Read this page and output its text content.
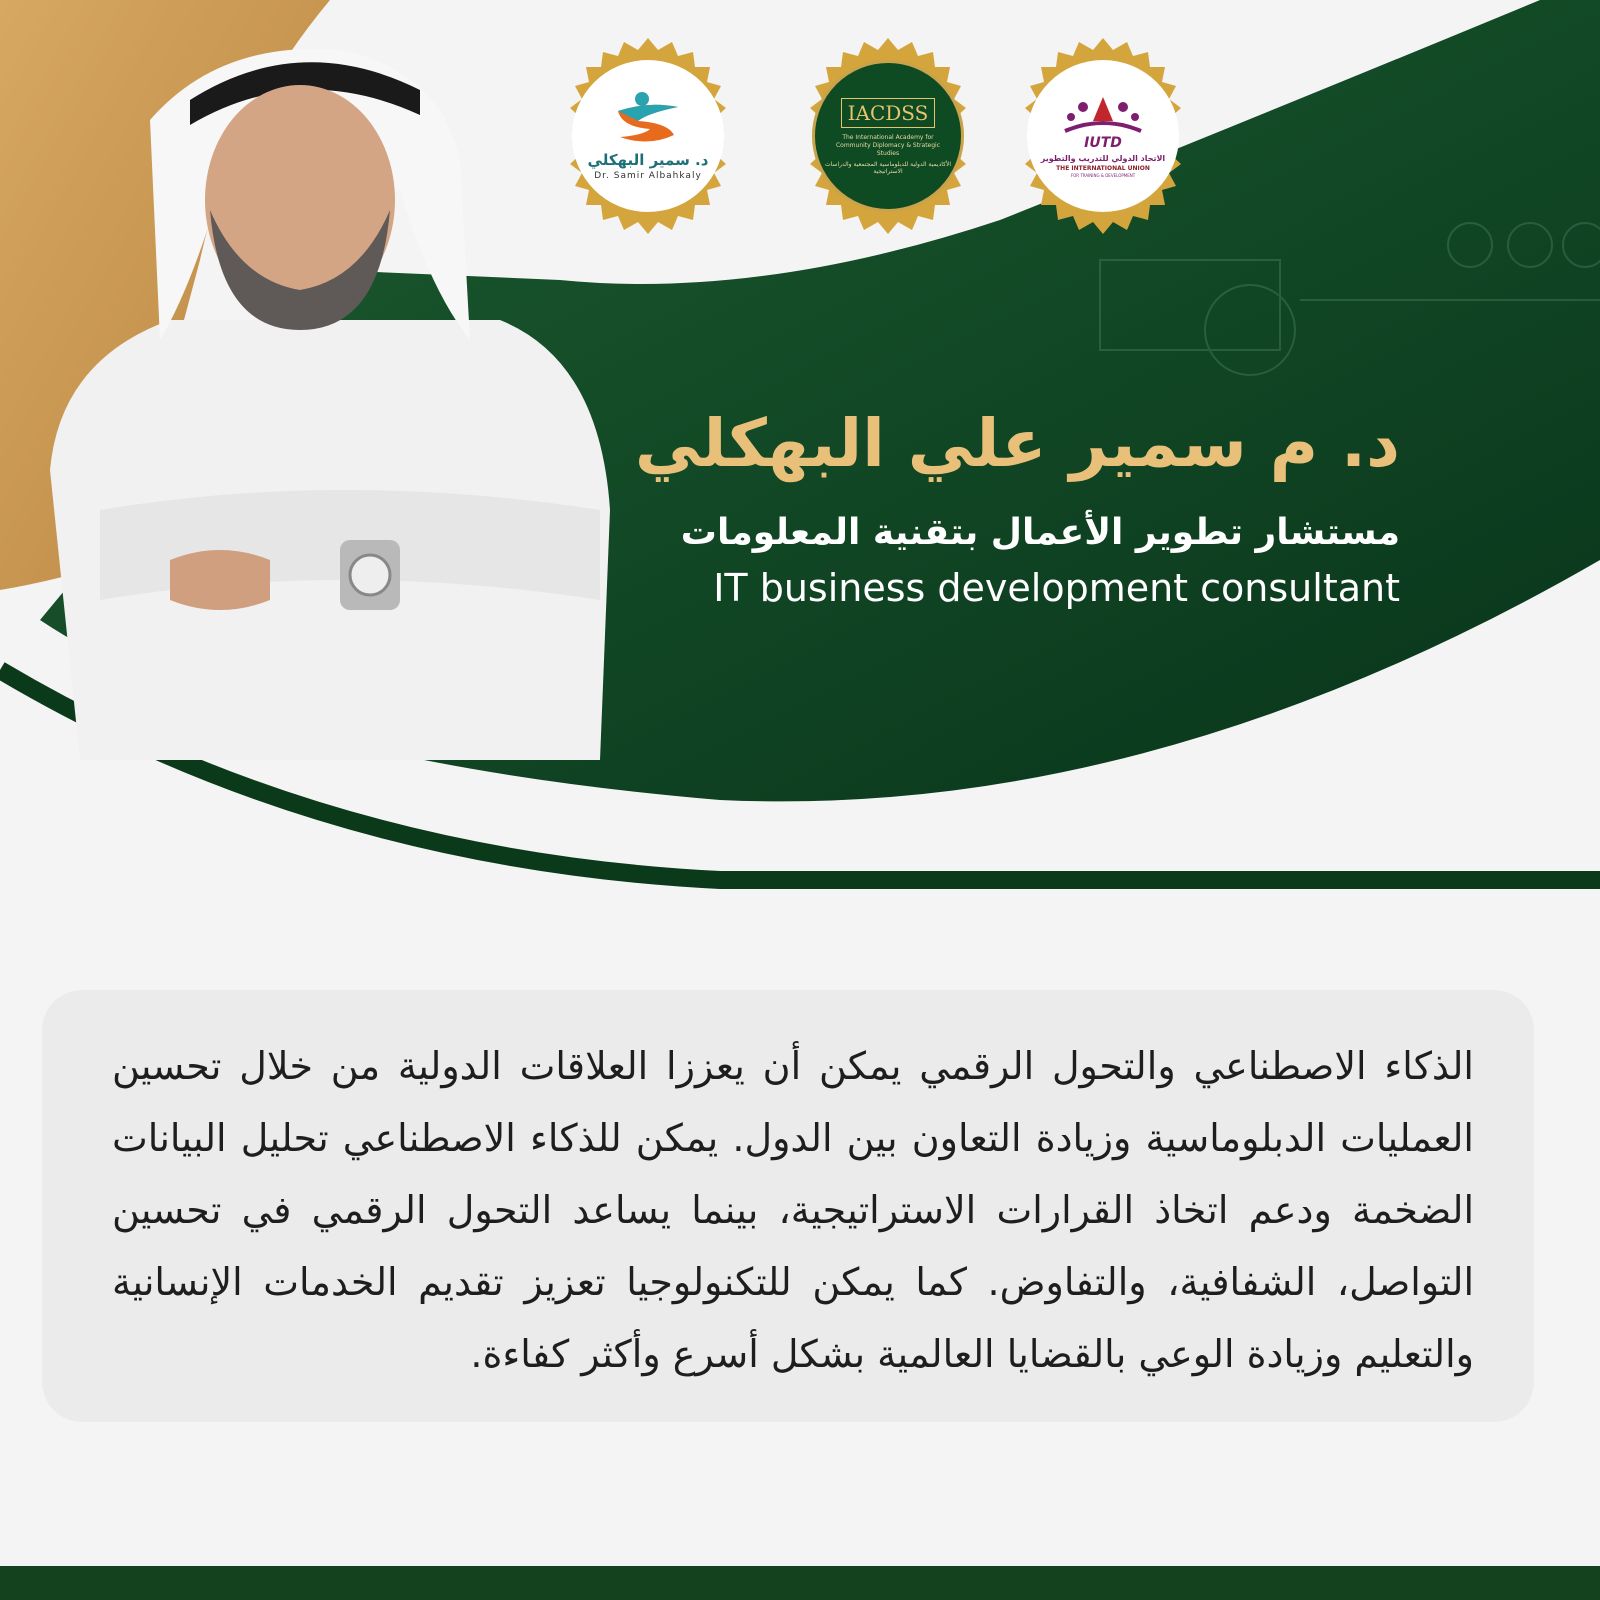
د. سمير البهكلي
Dr. Samir Albahkaly
IACDSS
The International Academy for Community Diplomacy & Strategic Studies
الأكاديمية الدولية للدبلوماسية المجتمعية والدراسات الاستراتيجية
IUTD
الاتحاد الدولي للتدريب والتطوير
THE INTERNATIONAL UNION
FOR TRAINING & DEVELOPMENT
د. م سمير علي البهكلي
مستشار تطوير الأعمال بتقنية المعلومات
IT business development consultant

الذكاء الاصطناعي والتحول الرقمي يمكن أن يعززا العلاقات الدولية من خلال تحسين العمليات الدبلوماسية وزيادة التعاون بين الدول. يمكن للذكاء الاصطناعي تحليل البيانات الضخمة ودعم اتخاذ القرارات الاستراتيجية، بينما يساعد التحول الرقمي في تحسين التواصل، الشفافية، والتفاوض. كما يمكن للتكنولوجيا تعزيز تقديم الخدمات الإنسانية والتعليم وزيادة الوعي بالقضايا العالمية بشكل أسرع وأكثر كفاءة.
